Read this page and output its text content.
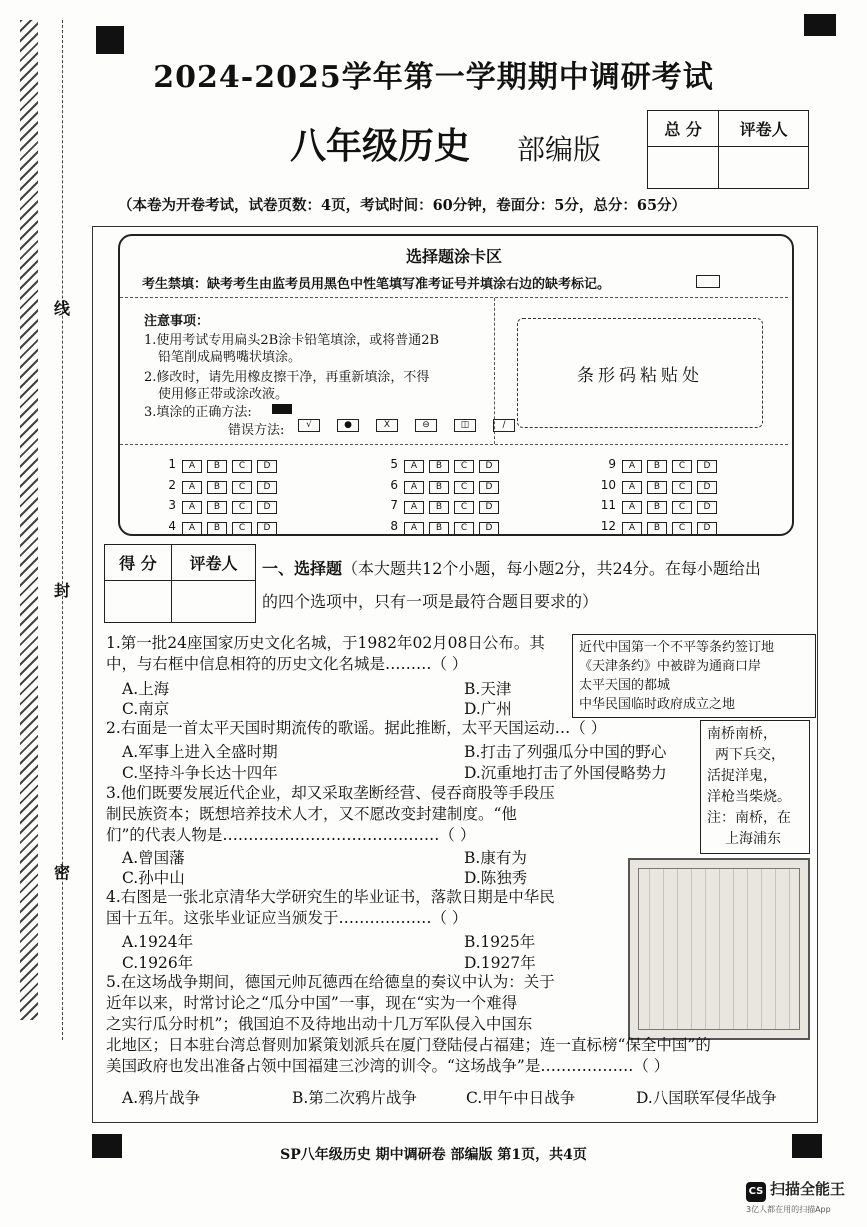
线
封
密
2024-2025学年第一学期期中调研考试
八年级历史 部编版
总 分	评卷人

（本卷为开卷考试，试卷页数：4页，考试时间：60分钟，卷面分：5分，总分：65分）
选择题涂卡区
考生禁填：缺考考生由监考员用黑色中性笔填写准考证号并填涂右边的缺考标记。
注意事项：
1.使用考试专用扁头2B涂卡铅笔填涂，或将普通2B
铅笔削成扁鸭嘴状填涂。
2.修改时，请先用橡皮擦干净，再重新填涂，不得
使用修正带或涂改液。
3.填涂的正确方法:
错误方法:	√	●	X	⊖	◫	∕
条形码粘贴处
1 A B C D
2 A B C D
3 A B C D
4 A B C D
5 A B C D
6 A B C D
7 A B C D
8 A B C D
9 A B C D
10 A B C D
11 A B C D
12 A B C D
得 分	评卷人
	一、选择题（本大题共12个小题，每小题2分，共24分。在每小题给出
的四个选项中，只有一项是最符合题目要求的）
1.第一批24座国家历史文化名城，于1982年02月08日公布。其
中，与右框中信息相符的历史文化名城是………（ ）
A.上海	B.天津
C.南京	D.广州
近代中国第一个不平等条约签订地
《天津条约》中被辟为通商口岸
太平天国的都城
中华民国临时政府成立之地
2.右面是一首太平天国时期流传的歌谣。据此推断，太平天国运动…（ ）
A.军事上进入全盛时期	B.打击了列强瓜分中国的野心
C.坚持斗争长达十四年	D.沉重地打击了外国侵略势力
南桥南桥，
两下兵交，
活捉洋鬼，
洋枪当柴烧。
注：南桥，在
上海浦东
3.他们既要发展近代企业，却又采取垄断经营、侵吞商股等手段压
制民族资本；既想培养技术人才，又不愿改变封建制度。“他
们”的代表人物是……………………………………（ ）
A.曾国藩	B.康有为
C.孙中山	D.陈独秀
4.右图是一张北京清华大学研究生的毕业证书，落款日期是中华民
国十五年。这张毕业证应当颁发于………………（ ）
A.1924年	B.1925年
C.1926年	D.1927年
5.在这场战争期间，德国元帅瓦德西在给德皇的奏议中认为：关于
近年以来，时常讨论之“瓜分中国”一事，现在“实为一个难得
之实行瓜分时机”；俄国迫不及待地出动十几万军队侵入中国东
北地区；日本驻台湾总督则加紧策划派兵在厦门登陆侵占福建；连一直标榜“保全中国”的
美国政府也发出准备占领中国福建三沙湾的训令。“这场战争”是………………（ ）
A.鸦片战争	B.第二次鸦片战争	C.甲午中日战争	D.八国联军侵华战争
SP八年级历史 期中调研卷 部编版 第1页，共4页
CS 扫描全能王
3亿人都在用的扫描App
